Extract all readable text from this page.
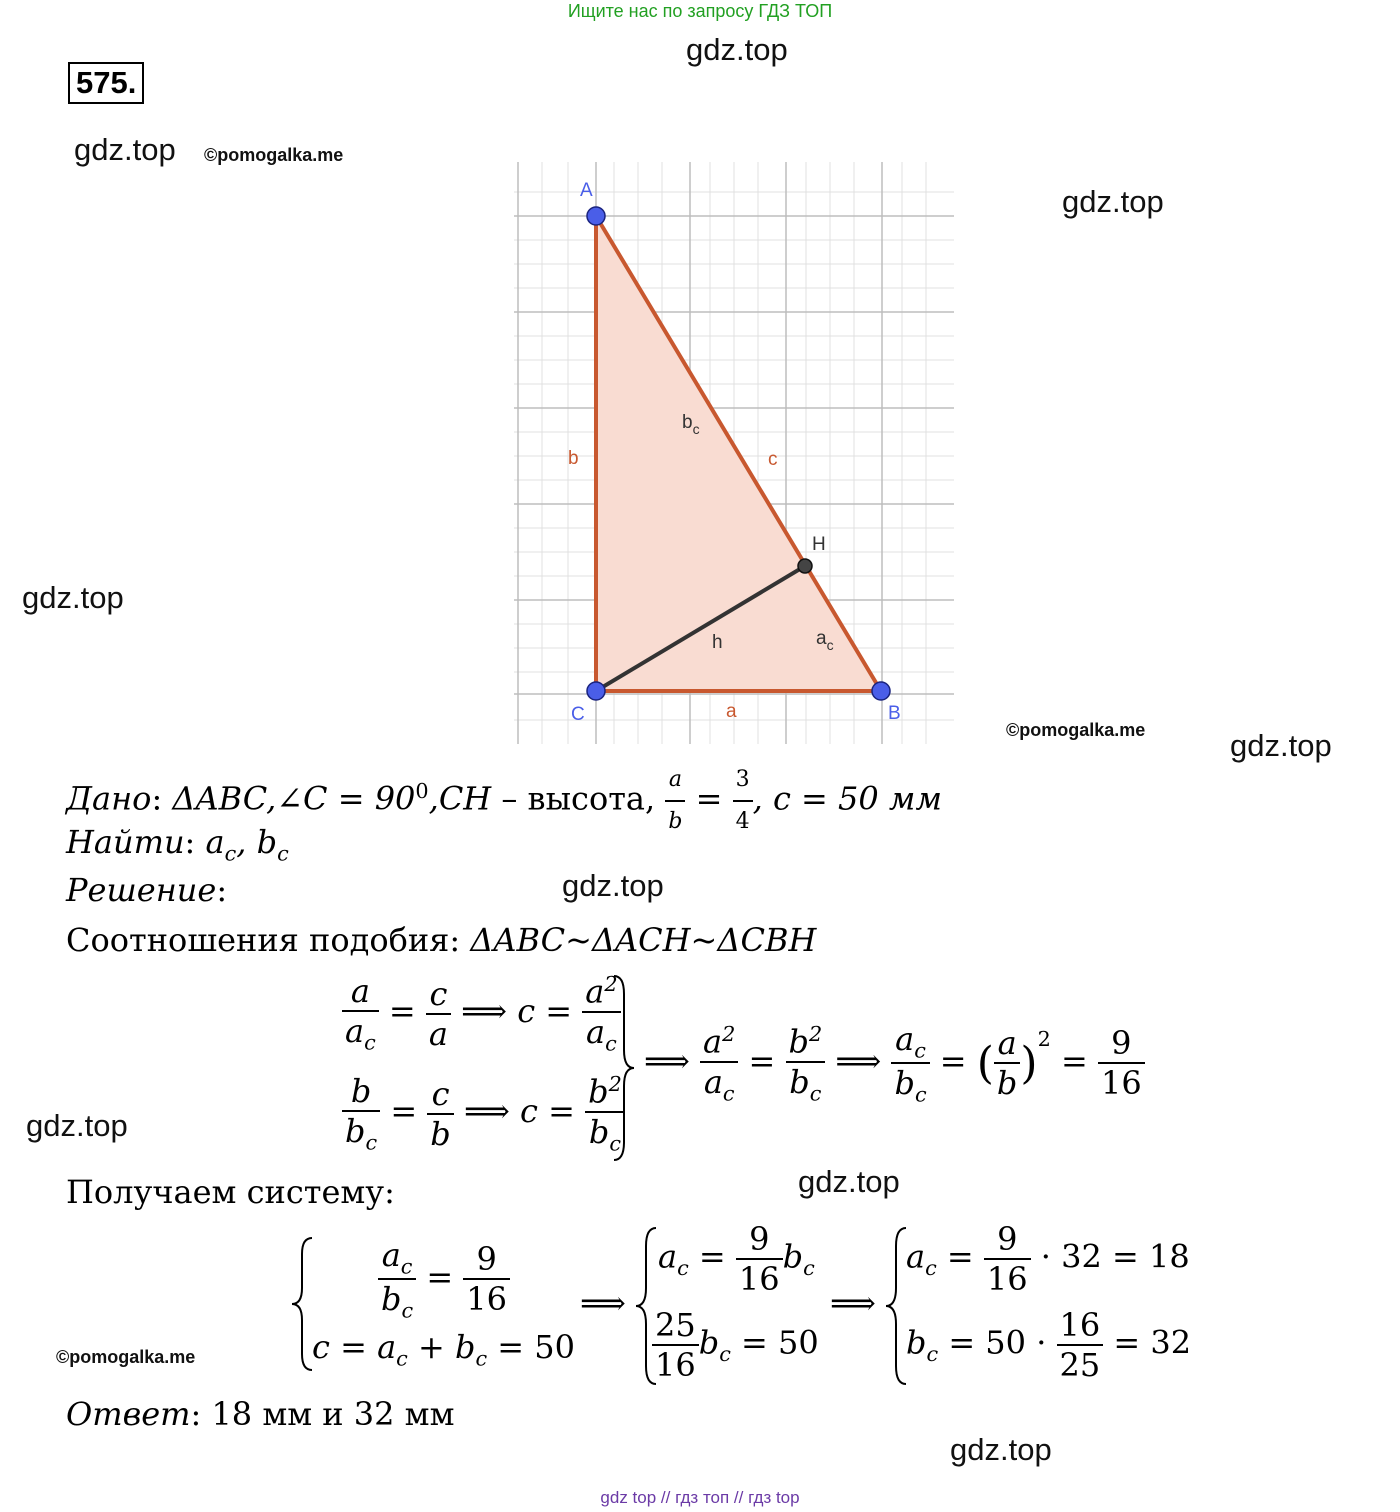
Ищите нас по запросу ГДЗ ТОП
575.
gdz.top
gdz.top ©pomogalka.me
gdz.top
gdz.top
©pomogalka.me	gdz.top
gdz.top
gdz.top
gdz.top
©pomogalka.me
gdz.top
A
C	B
H
b
a
c
h
$b_c$
$a_c$
Дано: ΔABC,∠C = $90^0,CH$ – высота, $\frac{a}{b} = \frac{3}{4}$ , c = 50 мм
Найти: $a_c$, $b_c$
Решение:
Соотношения подобия: ΔABC~ΔACH~ΔCBH
$\frac{a}{a_c} = \frac{c}{a}$ ⟹ $c = \frac{a^2}{a_c}$
$\frac{b}{b_c} = \frac{c}{b}$ ⟹ $c = \frac{b^2}{b_c}$
⟹ $\frac{a^2}{a_c} = \frac{b^2}{b_c}$ ⟹ $\frac{a_c}{b_c}$ = ( $\frac{a}{b} )^2 = \frac{9}{16}$
Получаем систему:
$\frac{a_c}{b_c} = \frac{9}{16}$
$c = a_c + b_c = 50$
⟹
$a_c = \frac{9}{16} b_c$
$\frac{25}{16} b_c = 50$
⟹
$a_c = \frac{9}{16} \cdot 32 = 18$
$b_c = 50 \cdot \frac{16}{25} = 32$
Ответ: 18 мм и 32 мм
gdz top // гдз топ // гдз top
